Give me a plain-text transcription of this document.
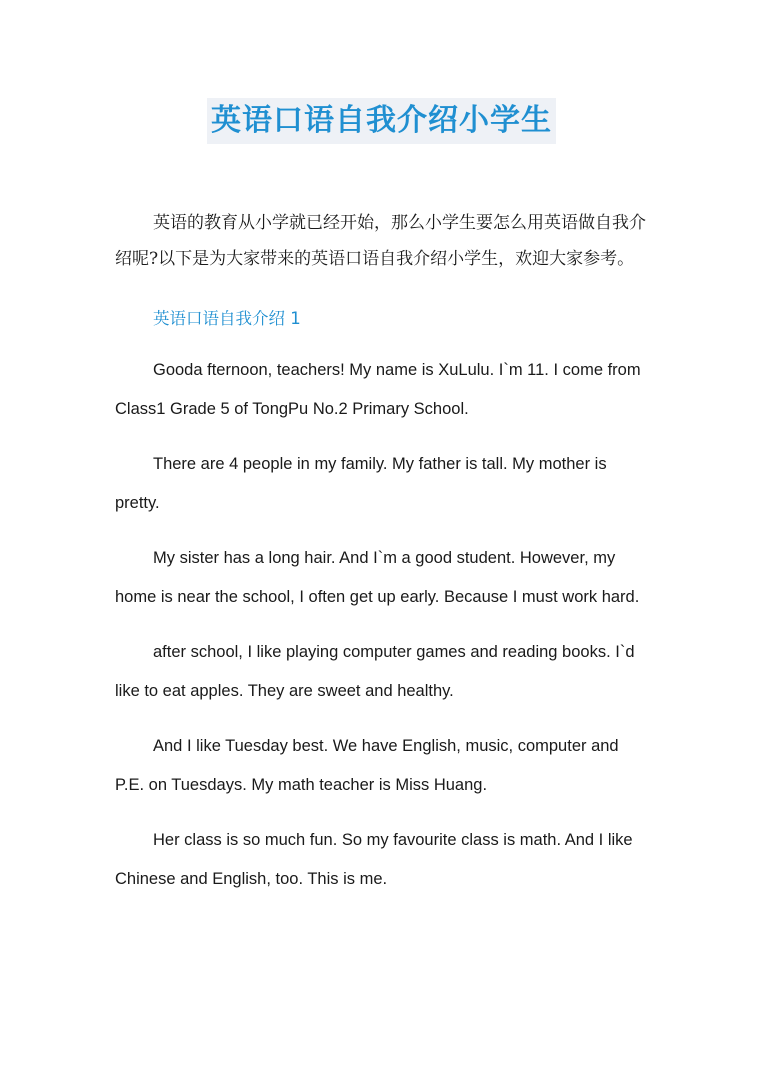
英语口语自我介绍小学生

英语的教育从小学就已经开始，那么小学生要怎么用英语做自我介绍呢?以下是为大家带来的英语口语自我介绍小学生，欢迎大家参考。

英语口语自我介绍 1

Gooda fternoon, teachers! My name is XuLulu. I`m 11. I come from Class1 Grade 5 of TongPu No.2 Primary School.

There are 4 people in my family. My father is tall. My mother is pretty.

My sister has a long hair. And I`m a good student. However, my home is near the school, I often get up early. Because I must work hard.

after school, I like playing computer games and reading books. I`d like to eat apples. They are sweet and healthy.

And I like Tuesday best. We have English, music, computer and P.E. on Tuesdays. My math teacher is Miss Huang.

Her class is so much fun. So my favourite class is math. And I like Chinese and English, too. This is me.
